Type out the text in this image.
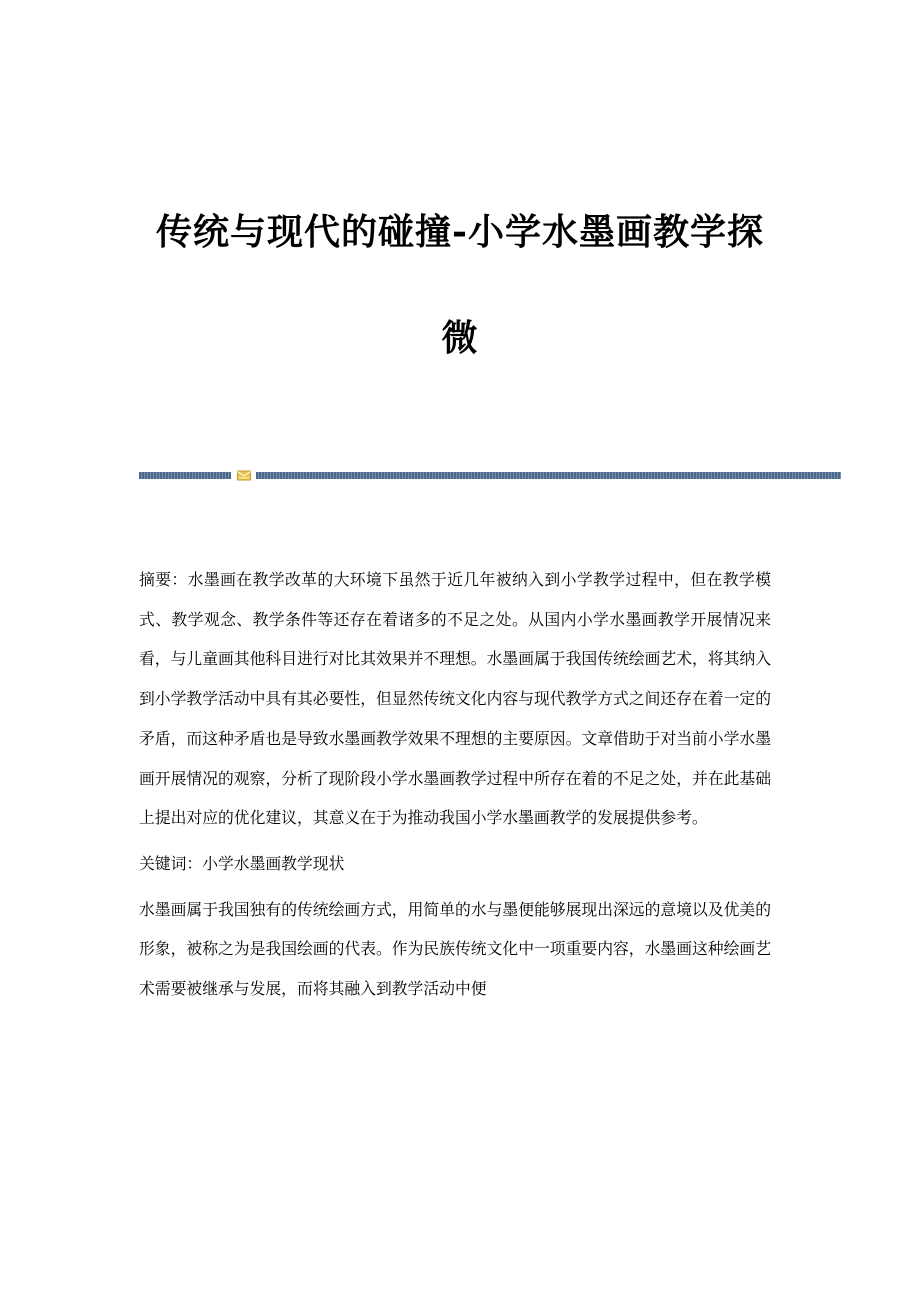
传统与现代的碰撞-小学水墨画教学探
微

摘要：水墨画在教学改革的大环境下虽然于近几年被纳入到小学教学过程中，但在教学模式、教学观念、教学条件等还存在着诸多的不足之处。从国内小学水墨画教学开展情况来看，与儿童画其他科目进行对比其效果并不理想。水墨画属于我国传统绘画艺术，将其纳入到小学教学活动中具有其必要性，但显然传统文化内容与现代教学方式之间还存在着一定的矛盾，而这种矛盾也是导致水墨画教学效果不理想的主要原因。文章借助于对当前小学水墨画开展情况的观察，分析了现阶段小学水墨画教学过程中所存在着的不足之处，并在此基础上提出对应的优化建议，其意义在于为推动我国小学水墨画教学的发展提供参考。

关键词：小学水墨画教学现状

水墨画属于我国独有的传统绘画方式，用简单的水与墨便能够展现出深远的意境以及优美的形象，被称之为是我国绘画的代表。作为民族传统文化中一项重要内容，水墨画这种绘画艺术需要被继承与发展，而将其融入到教学活动中便
